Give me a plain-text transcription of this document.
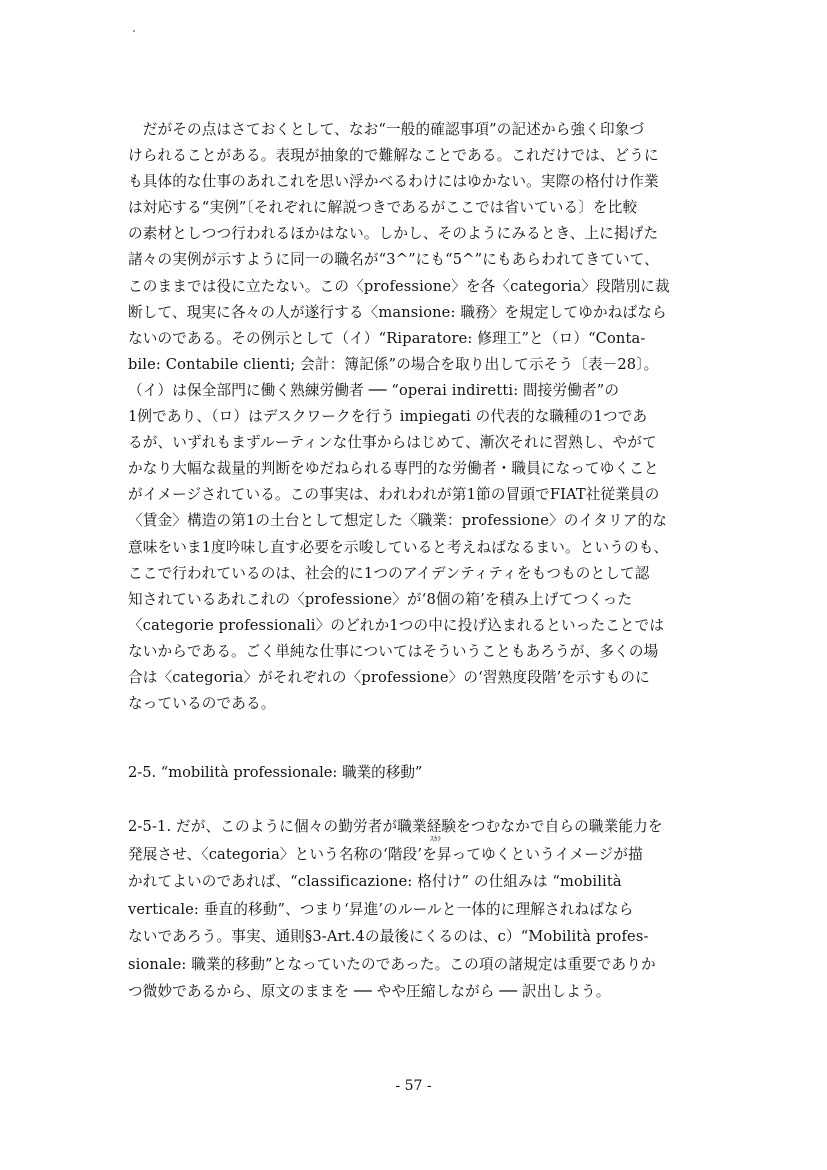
　だがその点はさておくとして、なお“一般的確認事項”の記述から強く印象づ
けられることがある。表現が抽象的で難解なことである。これだけでは、どうに
も具体的な仕事のあれこれを思い浮かべるわけにはゆかない。実際の格付け作業
は対応する“実例”〔それぞれに解説つきであるがここでは省いている〕を比較
の素材としつつ行われるほかはない。しかし、そのようにみるとき、上に掲げた
諸々の実例が示すように同一の職名が“3^”にも“5^”にもあらわれてきていて、
このままでは役に立たない。この〈professione〉を各〈categoria〉段階別に裁
断して、現実に各々の人が遂行する〈mansione: 職務〉を規定してゆかねばなら
ないのである。その例示として（イ）“Riparatore: 修理工”と（ロ）“Conta-
bile: Contabile clienti; 会計：簿記係”の場合を取り出して示そう〔表－28〕。
（イ）は保全部門に働く熟練労働者 ── “operai indiretti: 間接労働者”の
1例であり、（ロ）はデスクワークを行う impiegati の代表的な職種の1つであ
るが、いずれもまずルーティンな仕事からはじめて、漸次それに習熟し、やがて
かなり大幅な裁量的判断をゆだねられる専門的な労働者・職員になってゆくこと
がイメージされている。この事実は、われわれが第1節の冒頭でFIAT社従業員の
〈賃金〉構造の第1の土台として想定した〈職業：professione〉のイタリア的な
意味をいま1度吟味し直す必要を示唆していると考えねばなるまい。というのも、
ここで行われているのは、社会的に1つのアイデンティティをもつものとして認
知されているあれこれの〈professione〉が‘8個の箱’を積み上げてつくった
〈categorie professionali〉のどれか1つの中に投げ込まれるといったことでは
ないからである。ごく単純な仕事についてはそういうこともあろうが、多くの場
合は〈categoria〉がそれぞれの〈professione〉の‘習熟度段階’を示すものに
なっているのである。
2-5. “mobilità professionale: 職業的移動”
2-5-1. だが、このように個々の勤労者が職業経験をつむなかで自らの職業能力を
ｽｶﾗ
発展させ、〈categoria〉という名称の‘階段’を昇ってゆくというイメージが描
かれてよいのであれば、“classificazione: 格付け” の仕組みは “mobilità
verticale: 垂直的移動”、つまり‘昇進’のルールと一体的に理解されねばなら
ないであろう。事実、通則§3-Art.4の最後にくるのは、c）“Mobilità profes-
sionale: 職業的移動”となっていたのであった。この項の諸規定は重要でありか
つ微妙であるから、原文のままを ── やや圧縮しながら ── 訳出しよう。
- 57 -
